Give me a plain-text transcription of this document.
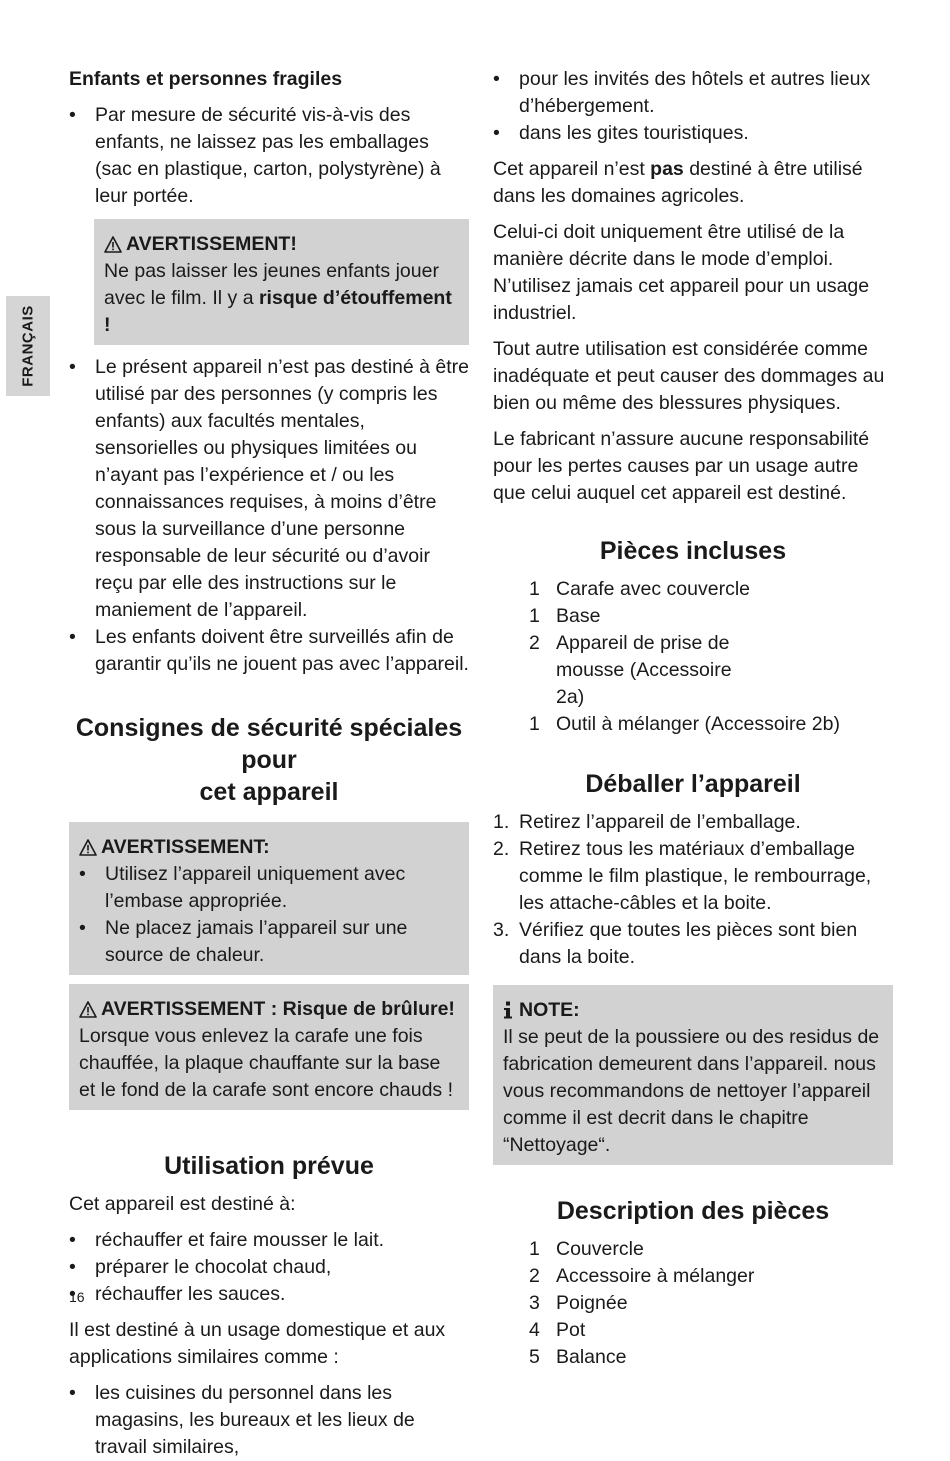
FRANÇAIS

Enfants et personnes fragiles

• Par mesure de sécurité vis-à-vis des enfants, ne laissez pas les emballages (sac en plastique, carton, polystyrène) à leur portée.
AVERTISSEMENT!
Ne pas laisser les jeunes enfants jouer avec le film. Il y a risque d’étouffement !
• Le présent appareil n’est pas destiné à être utilisé par des personnes (y compris les enfants) aux facultés mentales, sensorielles ou physiques limitées ou n’ayant pas l’expérience et / ou les connaissances requises, à moins d’être sous la surveillance d’une personne responsable de leur sécurité ou d’avoir reçu par elle des instructions sur le maniement de l’appareil.
• Les enfants doivent être surveillés afin de garantir qu’ils ne jouent pas avec l’appareil.
Consignes de sécurité spéciales pour
cet appareil
AVERTISSEMENT:
• Utilisez l’appareil uniquement avec l’embase appropriée.
• Ne placez jamais l’appareil sur une source de chaleur.
AVERTISSEMENT : Risque de brûlure!
Lorsque vous enlevez la carafe une fois chauffée, la plaque chauffante sur la base et le fond de la carafe sont encore chauds !
Utilisation prévue

Cet appareil est destiné à:

• réchauffer et faire mousser le lait.
• préparer le chocolat chaud,
• réchauffer les sauces.

Il est destiné à un usage domestique et aux applications similaires comme :

• les cuisines du personnel dans les magasins, les bureaux et les lieux de travail similaires,
• pour les invités des hôtels et autres lieux d’hébergement.
• dans les gites touristiques.

Cet appareil n’est pas destiné à être utilisé dans les domaines agricoles.

Celui-ci doit uniquement être utilisé de la manière décrite dans le mode d’emploi. N’utilisez jamais cet appareil pour un usage industriel.

Tout autre utilisation est considérée comme inadéquate et peut causer des dommages au bien ou même des blessures physiques.

Le fabricant n’assure aucune responsabilité pour les pertes causes par un usage autre que celui auquel cet appareil est destiné.

Pièces incluses
1 Carafe avec couvercle
1 Base
2 Appareil de prise de mousse (Accessoire 2a)
1 Outil à mélanger (Accessoire 2b)
Déballer l’appareil
1. Retirez l’appareil de l’emballage.
2. Retirez tous les matériaux d’emballage comme le film plastique, le rembourrage, les attache-câbles et la boite.
3. Vérifiez que toutes les pièces sont bien dans la boite.
NOTE:
Il se peut de la poussiere ou des residus de fabrication demeurent dans l’appareil. nous vous recommandons de nettoyer l’appareil comme il est decrit dans le chapitre “Nettoyage“.
Description des pièces
1 Couvercle
2 Accessoire à mélanger
3 Poignée
4 Pot
5 Balance
16
